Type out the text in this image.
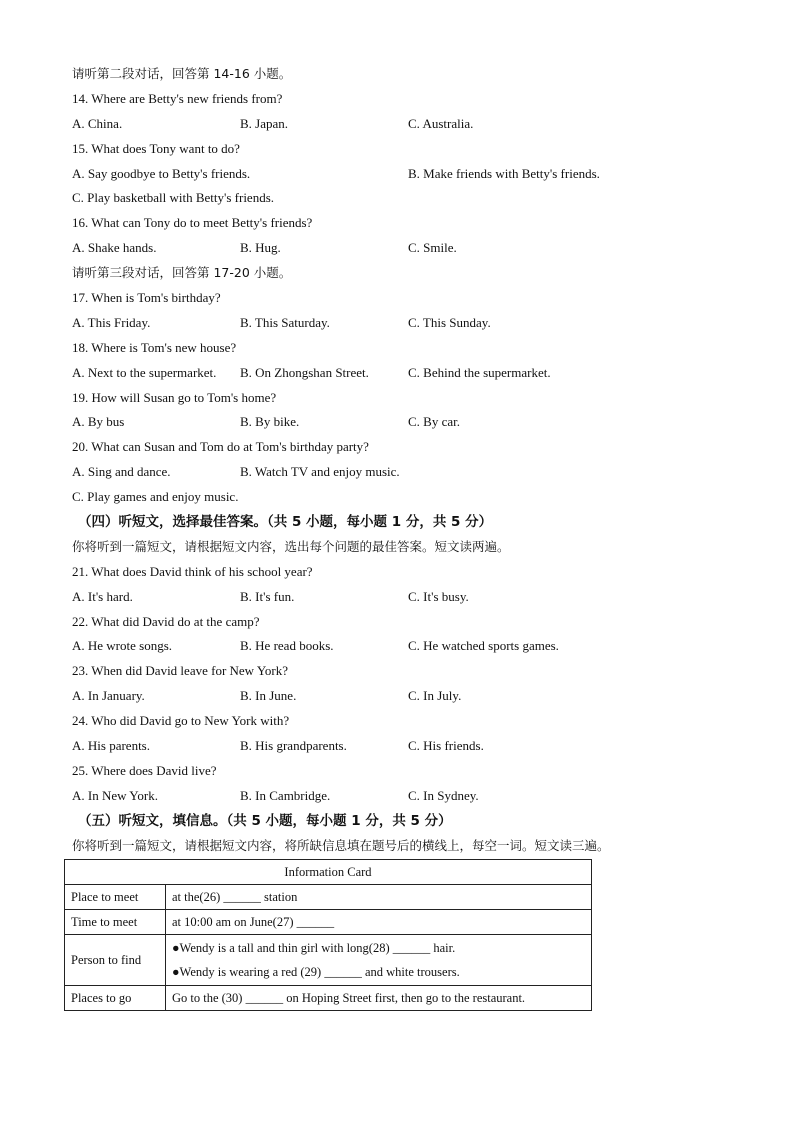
请听第二段对话，回答第 14-16 小题。
14. Where are Betty's new friends from?
A. China.	B. Japan.	C. Australia.
15. What does Tony want to do?
A. Say goodbye to Betty's friends.	B. Make friends with Betty's friends.
C. Play basketball with Betty's friends.
16. What can Tony do to meet Betty's friends?
A. Shake hands.	B. Hug.	C. Smile.
请听第三段对话，回答第 17-20 小题。
17. When is Tom's birthday?
A. This Friday.	B. This Saturday.	C. This Sunday.
18. Where is Tom's new house?
A. Next to the supermarket. B. On Zhongshan Street.	C. Behind the supermarket.
19. How will Susan go to Tom's home?
A. By bus	B. By bike.	C. By car.
20. What can Susan and Tom do at Tom's birthday party?
A. Sing and dance.	B. Watch TV and enjoy music.
C. Play games and enjoy music.
（四）听短文，选择最佳答案。（共 5 小题，每小题 1 分，共 5 分）
你将听到一篇短文，请根据短文内容，选出每个问题的最佳答案。短文读两遍。
21. What does David think of his school year?
A. It's hard.	B. It's fun.	C. It's busy.
22. What did David do at the camp?
A. He wrote songs.	B. He read books.	C. He watched sports games.
23. When did David leave for New York?
A. In January.	B. In June.	C. In July.
24. Who did David go to New York with?
A. His parents.	B. His grandparents.	C. His friends.
25. Where does David live?
A. In New York.	B. In Cambridge.	C. In Sydney.
（五）听短文，填信息。（共 5 小题，每小题 1 分，共 5 分）
你将听到一篇短文，请根据短文内容，将所缺信息填在题号后的横线上，每空一词。短文读三遍。
Information Card	
Place to meet	at the(26) ______ station
Time to meet	at 10:00 am on June(27) ______
Person to find	●Wendy is a tall and thin girl with long(28) ______ hair.
●Wendy is wearing a red (29) ______ and white trousers.

Places to go	Go to the (30) ______ on Hoping Street first, then go to the restaurant.
